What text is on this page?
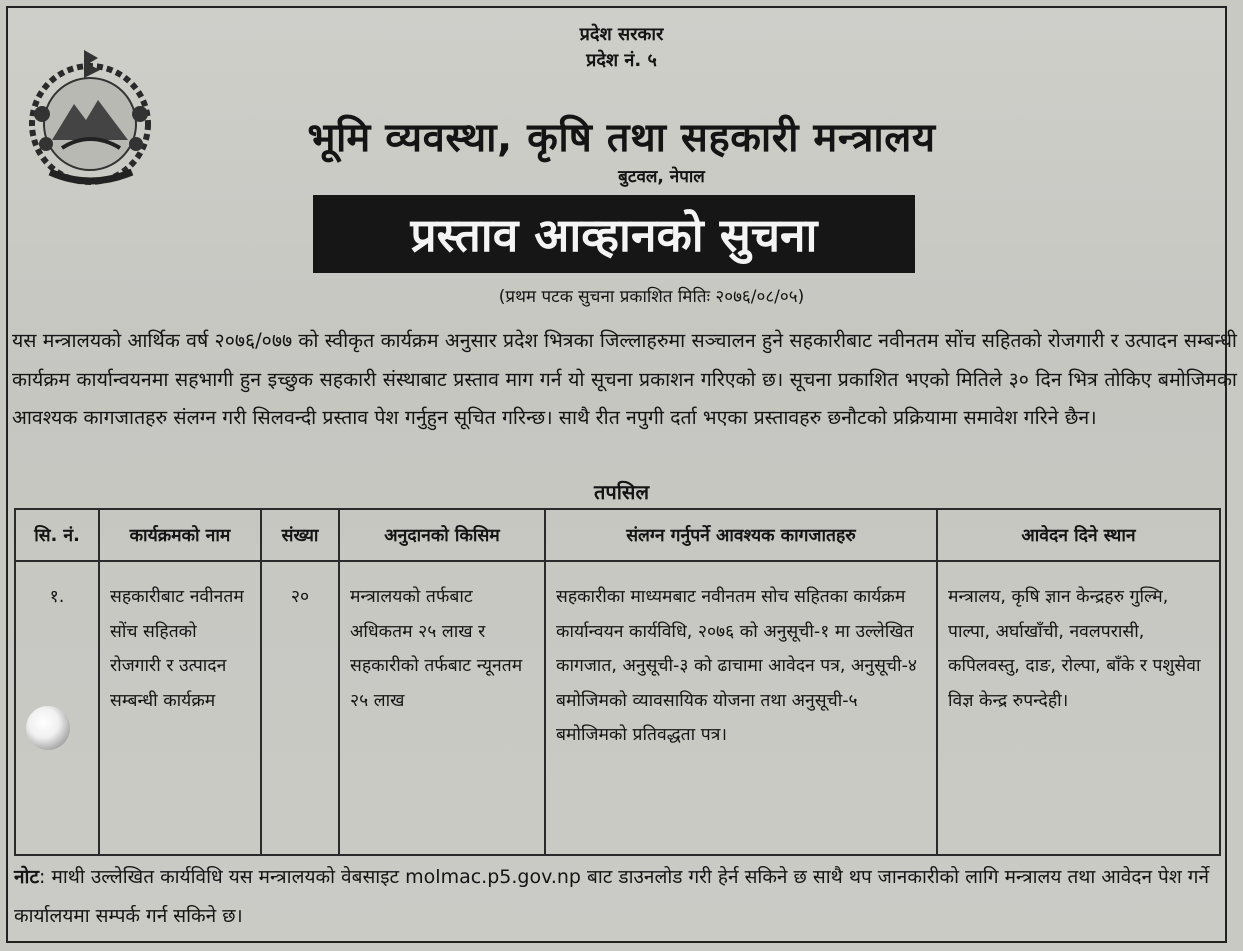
प्रदेश सरकार
प्रदेश नं. ५
भूमि व्यवस्था, कृषि तथा सहकारी मन्त्रालय
बुटवल, नेपाल
प्रस्ताव आव्हानको सुचना
(प्रथम पटक सुचना प्रकाशित मितिः २०७६/०८/०५)
यस मन्त्रालयको आर्थिक वर्ष २०७६/०७७ को स्वीकृत कार्यक्रम अनुसार प्रदेश भित्रका जिल्लाहरुमा सञ्चालन हुने सहकारीबाट नवीनतम सोंच सहितको रोजगारी र उत्पादन सम्बन्धी कार्यक्रम कार्यान्वयनमा सहभागी हुन इच्छुक सहकारी संस्थाबाट प्रस्ताव माग गर्न यो सूचना प्रकाशन गरिएको छ। सूचना प्रकाशित भएको मितिले ३० दिन भित्र तोकिए बमोजिमका आवश्यक कागजातहरु संलग्न गरी सिलवन्दी प्रस्ताव पेश गर्नुहुन सूचित गरिन्छ। साथै रीत नपुगी दर्ता भएका प्रस्तावहरु छनौटको प्रक्रियामा समावेश गरिने छैन।
तपसिल
सि. नं.	कार्यक्रमको नाम	संख्या	अनुदानको किसिम	संलग्न गर्नुपर्ने आवश्यक कागजातहरु	आवेदन दिने स्थान
१.	सहकारीबाट नवीनतम सोंच सहितको रोजगारी र उत्पादन सम्बन्धी कार्यक्रम	२०	मन्त्रालयको तर्फबाट अधिकतम २५ लाख र सहकारीको तर्फबाट न्यूनतम २५ लाख	सहकारीका माध्यमबाट नवीनतम सोच सहितका कार्यक्रम कार्यान्वयन कार्यविधि, २०७६ को अनुसूची-१ मा उल्लेखित कागजात, अनुसूची-३ को ढाचामा आवेदन पत्र, अनुसूची-४ बमोजिमको व्यावसायिक योजना तथा अनुसूची-५ बमोजिमको प्रतिवद्धता पत्र।	मन्त्रालय, कृषि ज्ञान केन्द्रहरु गुल्मि, पाल्पा, अर्घाखाँची, नवलपरासी, कपिलवस्तु, दाङ, रोल्पा, बाँके र पशुसेवा विज्ञ केन्द्र रुपन्देही।
नोट: माथी उल्लेखित कार्यविधि यस मन्त्रालयको वेबसाइट molmac.p5.gov.np बाट डाउनलोड गरी हेर्न सकिने छ साथै थप जानकारीको लागि मन्त्रालय तथा आवेदन पेश गर्ने कार्यालयमा सम्पर्क गर्न सकिने छ।
